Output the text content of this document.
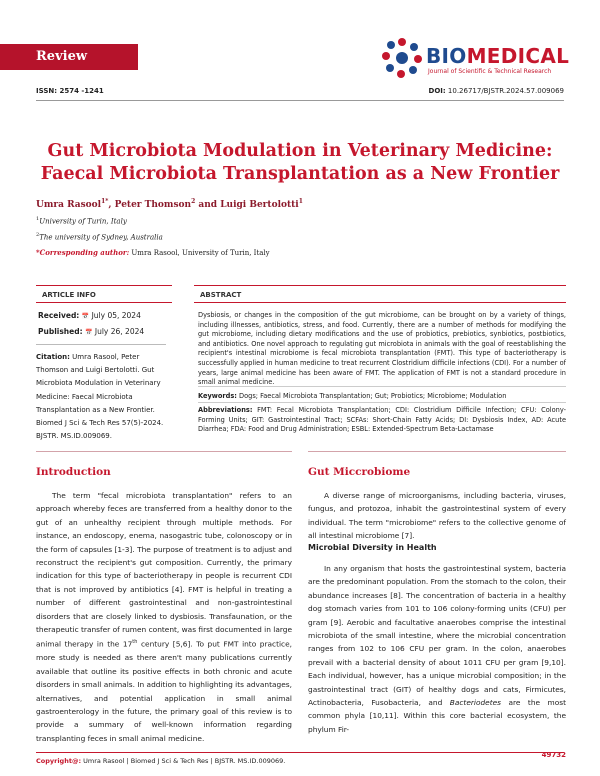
Review Article
BIOMEDICAL
Journal of Scientific & Technical Research
ISSN: 2574 -1241	DOI: 10.26717/BJSTR.2024.57.009069
Gut Microbiota Modulation in Veterinary Medicine:
Faecal Microbiota Transplantation as a New Frontier
Umra Rasool$^{1*}$, Peter Thomson$^2$ and Luigi Bertolotti$^1$
$^1$University of Turin, Italy
$^2$The university of Sydney, Australia
*Corresponding author: Umra Rasool, University of Turin, Italy
ARTICLE INFO	ABSTRACT
Received: 📅 July 05, 2024
Published: 📅 July 26, 2024
Citation: Umra Rasool, Peter Thomson and Luigi Bertolotti. Gut Microbiota Modulation in Veterinary Medicine: Faecal Microbiota Transplantation as a New Frontier. Biomed J Sci & Tech Res 57(5)-2024. BJSTR. MS.ID.009069.
Dysbiosis, or changes in the composition of the gut microbiome, can be brought on by a variety of things, including illnesses, antibiotics, stress, and food. Currently, there are a number of methods for modifying the gut microbiome, including dietary modifications and the use of probiotics, prebiotics, synbiotics, postbiotics, and antibiotics. One novel approach to regulating gut microbiota in animals with the goal of reestablishing the recipient's intestinal microbiome is fecal microbiota transplantation (FMT). This type of bacteriotherapy is successfully applied in human medicine to treat recurrent Clostridium difficile infections (CDI). For a number of years, large animal medicine has been aware of FMT. The application of FMT is not a standard procedure in small animal medicine.
Keywords: Dogs; Faecal Microbiota Transplantation; Gut; Probiotics; Microbiome; Modulation
Abbreviations: FMT: Fecal Microbiota Transplantation; CDI: Clostridium Difficile Infection; CFU: Colony-Forming Units; GIT: Gastrointestinal Tract; SCFAs: Short-Chain Fatty Acids; DI: Dysbiosis Index, AD: Acute Diarrhea; FDA: Food and Drug Administration; ESBL: Extended-Spectrum Beta-Lactamase
Introduction

The term "fecal microbiota transplantation" refers to an approach whereby feces are transferred from a healthy donor to the gut of an unhealthy recipient through multiple methods. For instance, an endoscopy, enema, nasogastric tube, colonoscopy or in the form of capsules [1-3]. The purpose of treatment is to adjust and reconstruct the recipient's gut composition. Currently, the primary indication for this type of bacteriotherapy in people is recurrent CDI that is not improved by antibiotics [4]. FMT is helpful in treating a number of different gastrointestinal and non-gastrointestinal disorders that are closely linked to dysbiosis. Transfaunation, or the therapeutic transfer of rumen content, was first documented in large animal therapy in the 17th century [5,6]. To put FMT into practice, more study is needed as there aren't many publications currently available that outline its positive effects in both chronic and acute disorders in small animals. In addition to highlighting its advantages, alternatives, and potential application in small animal gastroenterology in the future, the primary goal of this review is to provide a summary of well-known information regarding transplanting feces in small animal medicine.

Gut Miccrobiome

A diverse range of microorganisms, including bacteria, viruses, fungus, and protozoa, inhabit the gastrointestinal system of every individual. The term "microbiome" refers to the collective genome of all intestinal microbiome [7].

Microbial Diversity in Health

In any organism that hosts the gastrointestinal system, bacteria are the predominant population. From the stomach to the colon, their abundance increases [8]. The concentration of bacteria in a healthy dog stomach varies from 101 to 106 colony-forming units (CFU) per gram [9]. Aerobic and facultative anaerobes comprise the intestinal microbiota of the small intestine, where the microbial concentration ranges from 102 to 106 CFU per gram. In the colon, anaerobes prevail with a bacterial density of about 1011 CFU per gram [9,10]. Each individual, however, has a unique microbial composition; in the gastrointestinal tract (GIT) of healthy dogs and cats, Firmicutes, Actinobacteria, Fusobacteria, and Bacteriodetes are the most common phyla [10,11]. Within this core bacterial ecosystem, the phylum Fir-

Copyright@: Umra Rasool | Biomed J Sci & Tech Res | BJSTR. MS.ID.009069.
49732
